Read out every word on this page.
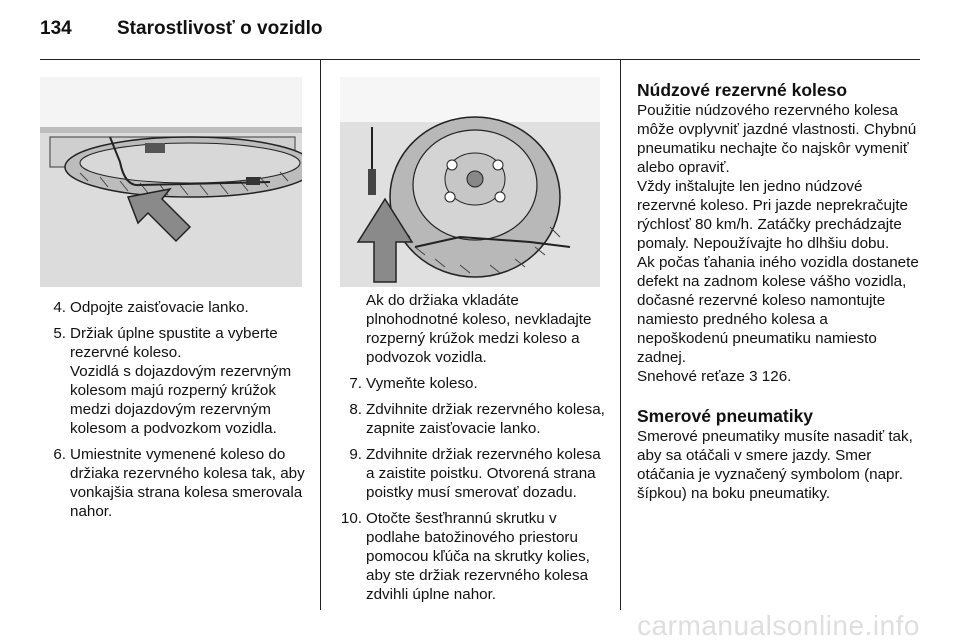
134 Starostlivosť o vozidlo
4. Odpojte zaisťovacie lanko.
5. Držiak úplne spustite a vyberte rezervné koleso.

Vozidlá s dojazdovým rezervným kolesom majú rozperný krúžok medzi dojazdovým rezervným kolesom a podvozkom vozidla.

6. Umiestnite vymenené koleso do držiaka rezervného kolesa tak, aby vonkajšia strana kolesa smerovala nahor.

Ak do držiaka vkladáte plnohodnotné koleso, nevkladajte rozperný krúžok medzi koleso a podvozok vozidla.

7. Vymeňte koleso.
8. Zdvihnite držiak rezervného kolesa, zapnite zaisťovacie lanko.
9. Zdvihnite držiak rezervného kolesa a zaistite poistku. Otvorená strana poistky musí smerovať dozadu.
10. Otočte šesťhrannú skrutku v podlahe batožinového priestoru pomocou kľúča na skrutky kolies, aby ste držiak rezervného kolesa zdvihli úplne nahor.
Núdzové rezervné koleso

Použitie núdzového rezervného kolesa môže ovplyvniť jazdné vlastnosti. Chybnú pneumatiku nechajte čo najskôr vymeniť alebo opraviť.

Vždy inštalujte len jedno núdzové rezervné koleso. Pri jazde neprekračujte rýchlosť 80 km/h. Zatáčky prechádzajte pomaly. Nepoužívajte ho dlhšiu dobu.

Ak počas ťahania iného vozidla dostanete defekt na zadnom kolese vášho vozidla, dočasné rezervné koleso namontujte namiesto predného kolesa a nepoškodenú pneumatiku namiesto zadnej.

Snehové reťaze 3 126.

Smerové pneumatiky

Smerové pneumatiky musíte nasadiť tak, aby sa otáčali v smere jazdy. Smer otáčania je vyznačený symbolom (napr. šípkou) na boku pneumatiky.

carmanualsonline.info
